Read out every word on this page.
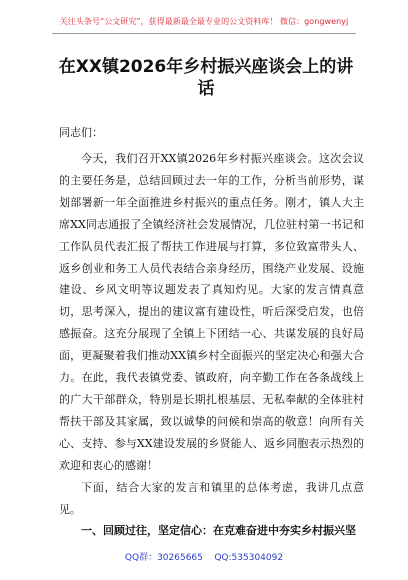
关注头条号“公文研究”，获得最新最全最专业的公文资料库！ 微信：gongwenyj
在XX镇2026年乡村振兴座谈会上的讲话
同志们：

今天，我们召开XX镇2026年乡村振兴座谈会。这次会议的主要任务是，总结回顾过去一年的工作，分析当前形势，谋划部署新一年全面推进乡村振兴的重点任务。刚才，镇人大主席XX同志通报了全镇经济社会发展情况，几位驻村第一书记和工作队员代表汇报了帮扶工作进展与打算，多位致富带头人、返乡创业和务工人员代表结合亲身经历，围绕产业发展、设施建设、乡风文明等议题发表了真知灼见。大家的发言情真意切，思考深入，提出的建议富有建设性，听后深受启发，也倍感振奋。这充分展现了全镇上下团结一心、共谋发展的良好局面，更凝聚着我们推动XX镇乡村全面振兴的坚定决心和强大合力。在此，我代表镇党委、镇政府，向辛勤工作在各条战线上的广大干部群众，特别是长期扎根基层、无私奉献的全体驻村帮扶干部及其家属，致以诚挚的问候和崇高的敬意！向所有关心、支持、参与XX建设发展的乡贤能人、返乡同胞表示热烈的欢迎和衷心的感谢！

下面，结合大家的发言和镇里的总体考虑，我讲几点意见。

一、回顾过往，坚定信心：在克难奋进中夯实乡村振兴坚

QQ群：30265665 QQ:535304092
